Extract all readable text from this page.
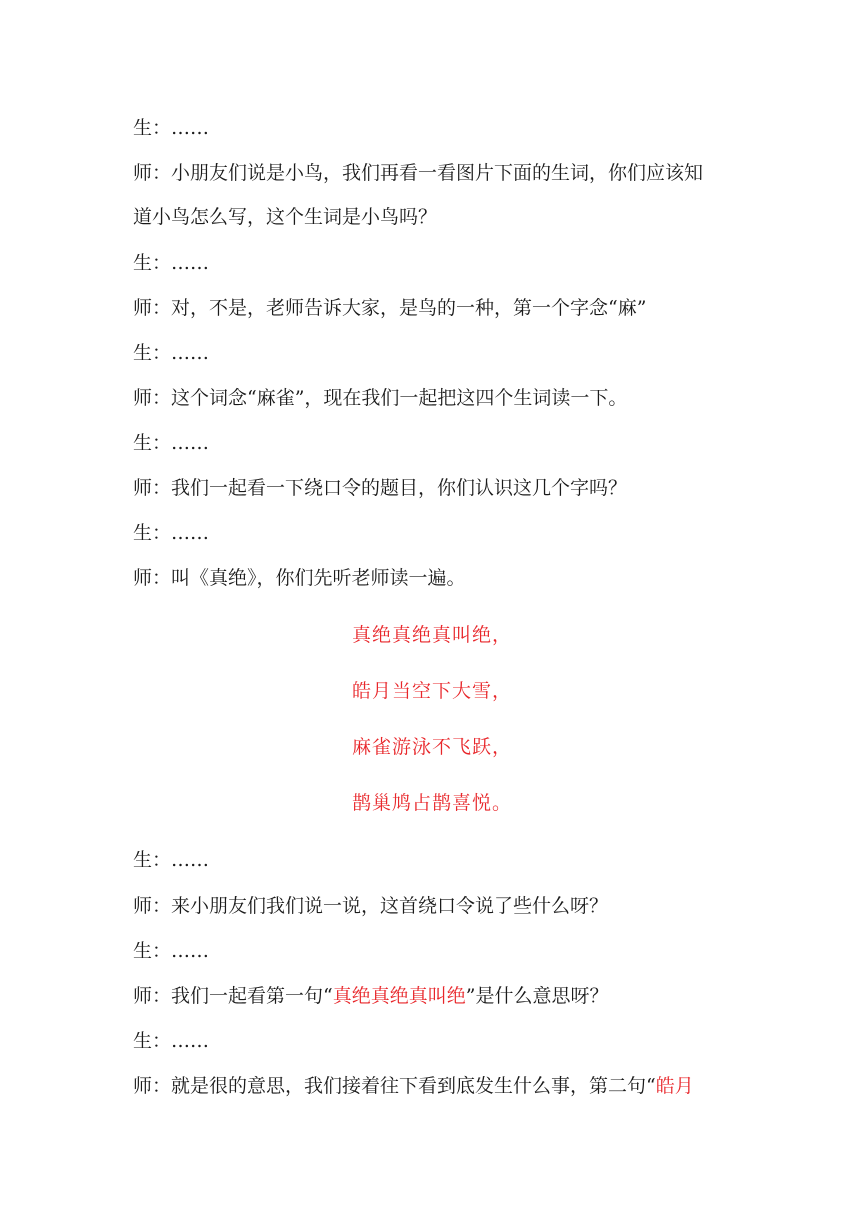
生：……
师：小朋友们说是小鸟，我们再看一看图片下面的生词，你们应该知
道小鸟怎么写，这个生词是小鸟吗？
生：……
师：对，不是，老师告诉大家，是鸟的一种，第一个字念“麻”
生：……
师：这个词念“麻雀”，现在我们一起把这四个生词读一下。
生：……
师：我们一起看一下绕口令的题目，你们认识这几个字吗？
生：……
师：叫《真绝》，你们先听老师读一遍。
真绝真绝真叫绝，
皓月当空下大雪，
麻雀游泳不飞跃，
鹊巢鸠占鹊喜悦。
生：……
师：来小朋友们我们说一说，这首绕口令说了些什么呀？
生：……
师：我们一起看第一句“真绝真绝真叫绝”是什么意思呀？
生：……
师：就是很的意思，我们接着往下看到底发生什么事，第二句“皓月
